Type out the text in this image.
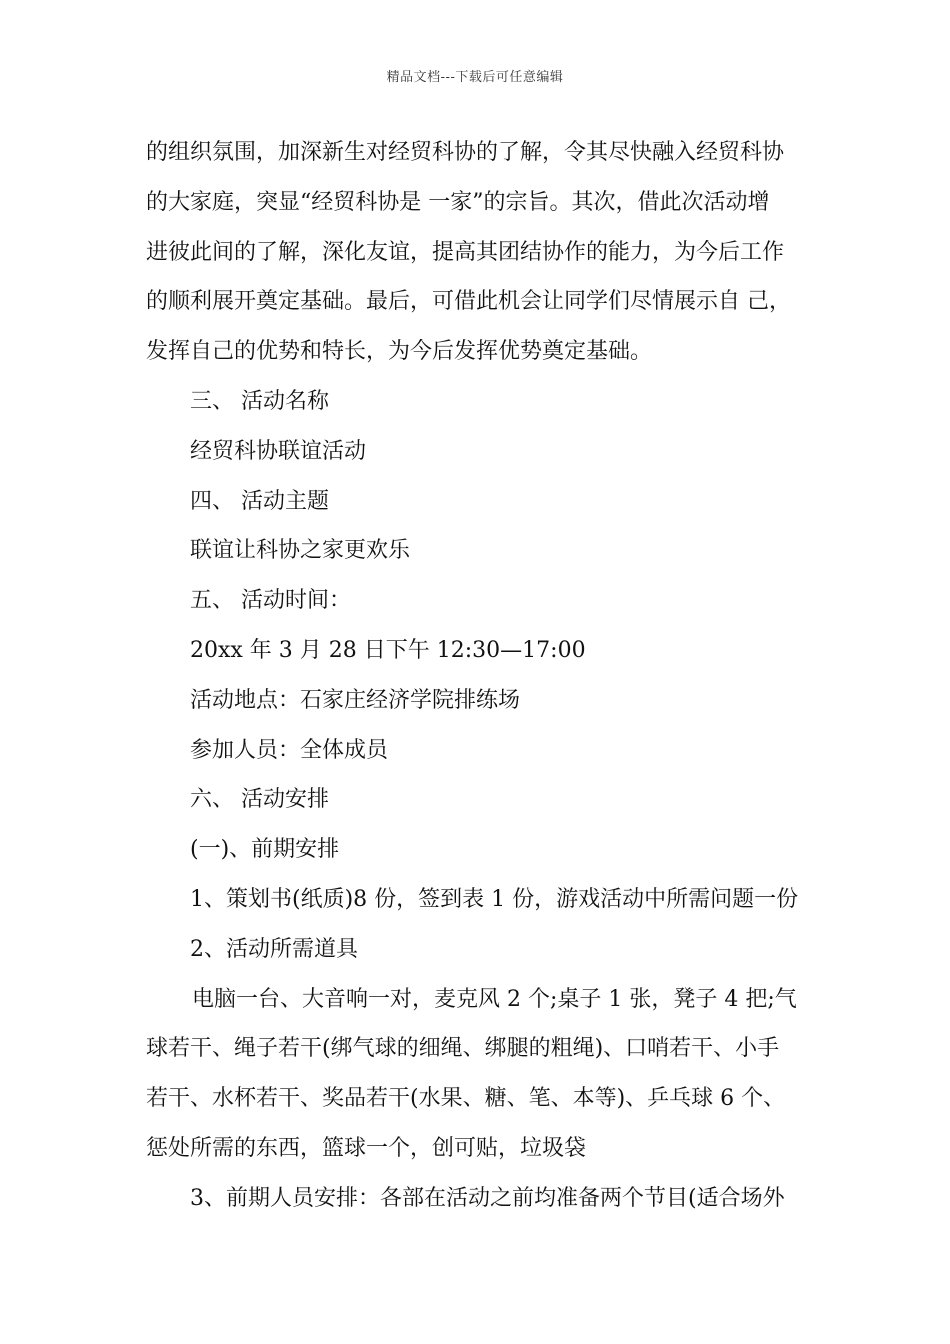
精品文档---下载后可任意编辑

的组织氛围，加深新生对经贸科协的了解，令其尽快融入经贸科协

的大家庭，突显“经贸科协是 一家”的宗旨。其次，借此次活动增

进彼此间的了解，深化友谊，提高其团结协作的能力，为今后工作

的顺利展开奠定基础。最后，可借此机会让同学们尽情展示自 己，

发挥自己的优势和特长，为今后发挥优势奠定基础。

三、 活动名称

经贸科协联谊活动

四、 活动主题

联谊让科协之家更欢乐

五、 活动时间：

20xx 年 3 月 28 日下午 12:30—17:00

活动地点：石家庄经济学院排练场

参加人员：全体成员

六、 活动安排

(一)、前期安排

1、策划书(纸质)8 份，签到表 1 份，游戏活动中所需问题一份

2、活动所需道具

电脑一台、大音响一对，麦克风 2 个;桌子 1 张，凳子 4 把;气

球若干、绳子若干(绑气球的细绳、绑腿的粗绳)、口哨若干、小手

若干、水杯若干、奖品若干(水果、糖、笔、本等)、乒乓球 6 个、

惩处所需的东西，篮球一个，创可贴，垃圾袋

3、前期人员安排：各部在活动之前均准备两个节目(适合场外
